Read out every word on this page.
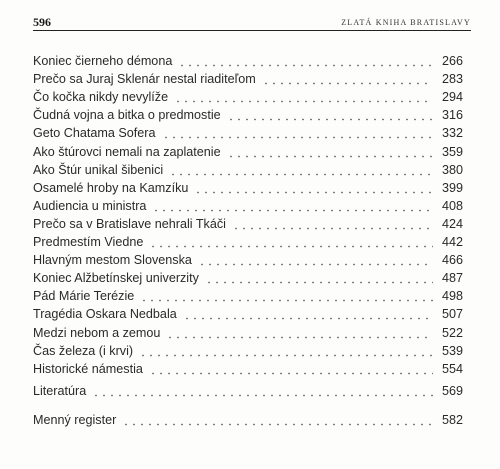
596	ZLATÁ KNIHA BRATISLAVY
Koniec čierneho démona	266
Prečo sa Juraj Sklenár nestal riaditeľom	283
Čo kočka nikdy nevylíže	294
Čudná vojna a bitka o predmostie	316
Geto Chatama Sofera	332
Ako štúrovci nemali na zaplatenie	359
Ako Štúr unikal šibenici	380
Osamelé hroby na Kamzíku	399
Audiencia u ministra	408
Prečo sa v Bratislave nehrali Tkáči	424
Predmestím Viedne	442
Hlavným mestom Slovenska	466
Koniec Alžbetínskej univerzity	487
Pád Márie Terézie	498
Tragédia Oskara Nedbala	507
Medzi nebom a zemou	522
Čas železa (i krvi)	539
Historické námestia	554
Literatúra	569
Menný register	582
